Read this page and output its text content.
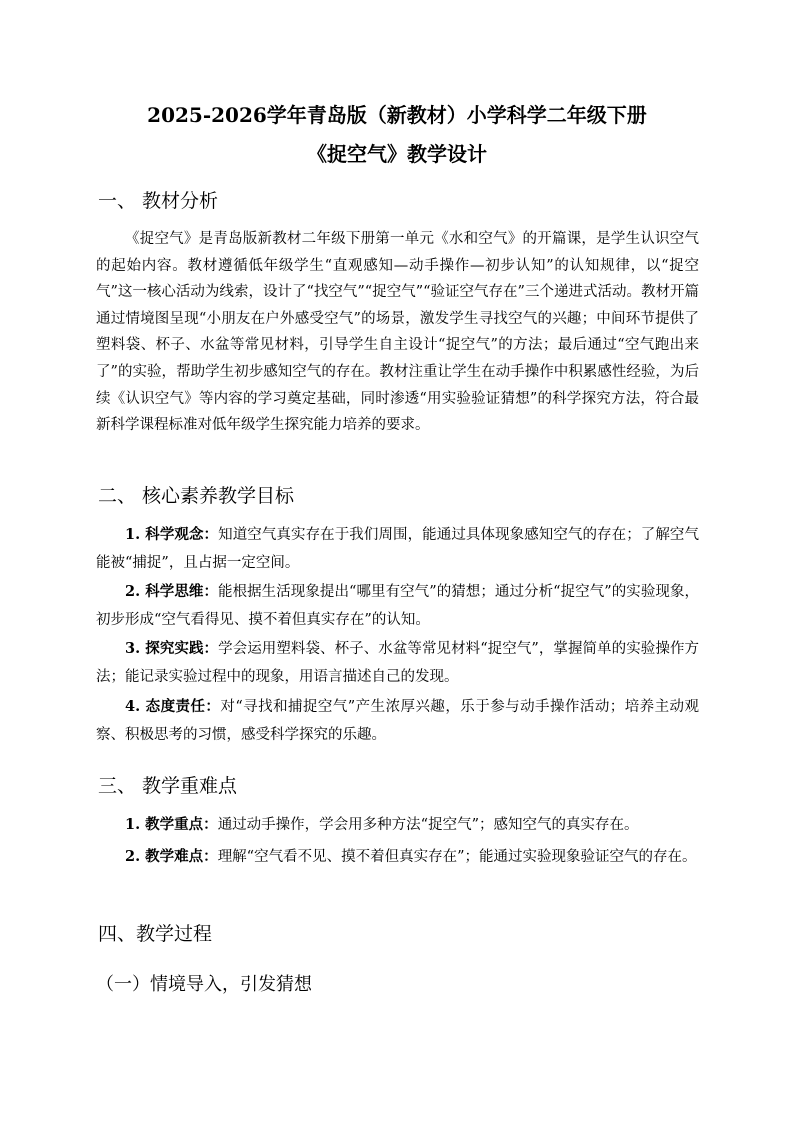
2025-2026学年青岛版（新教材）小学科学二年级下册
《捉空气》教学设计
一、 教材分析
《捉空气》是青岛版新教材二年级下册第一单元《水和空气》的开篇课，是学生认识空气的起始内容。教材遵循低年级学生“直观感知—动手操作—初步认知”的认知规律，以“捉空气”这一核心活动为线索，设计了“找空气”“捉空气”“验证空气存在”三个递进式活动。教材开篇通过情境图呈现“小朋友在户外感受空气”的场景，激发学生寻找空气的兴趣；中间环节提供了塑料袋、杯子、水盆等常见材料，引导学生自主设计“捉空气”的方法；最后通过“空气跑出来了”的实验，帮助学生初步感知空气的存在。教材注重让学生在动手操作中积累感性经验，为后续《认识空气》等内容的学习奠定基础，同时渗透“用实验验证猜想”的科学探究方法，符合最新科学课程标准对低年级学生探究能力培养的要求。
二、 核心素养教学目标
1. 科学观念：知道空气真实存在于我们周围，能通过具体现象感知空气的存在；了解空气能被“捕捉”，且占据一定空间。
2. 科学思维：能根据生活现象提出“哪里有空气”的猜想；通过分析“捉空气”的实验现象，初步形成“空气看得见、摸不着但真实存在”的认知。
3. 探究实践：学会运用塑料袋、杯子、水盆等常见材料“捉空气”，掌握简单的实验操作方法；能记录实验过程中的现象，用语言描述自己的发现。
4. 态度责任：对“寻找和捕捉空气”产生浓厚兴趣，乐于参与动手操作活动；培养主动观察、积极思考的习惯，感受科学探究的乐趣。
三、 教学重难点
1. 教学重点：通过动手操作，学会用多种方法“捉空气”；感知空气的真实存在。
2. 教学难点：理解“空气看不见、摸不着但真实存在”；能通过实验现象验证空气的存在。
四、教学过程
（一）情境导入，引发猜想
